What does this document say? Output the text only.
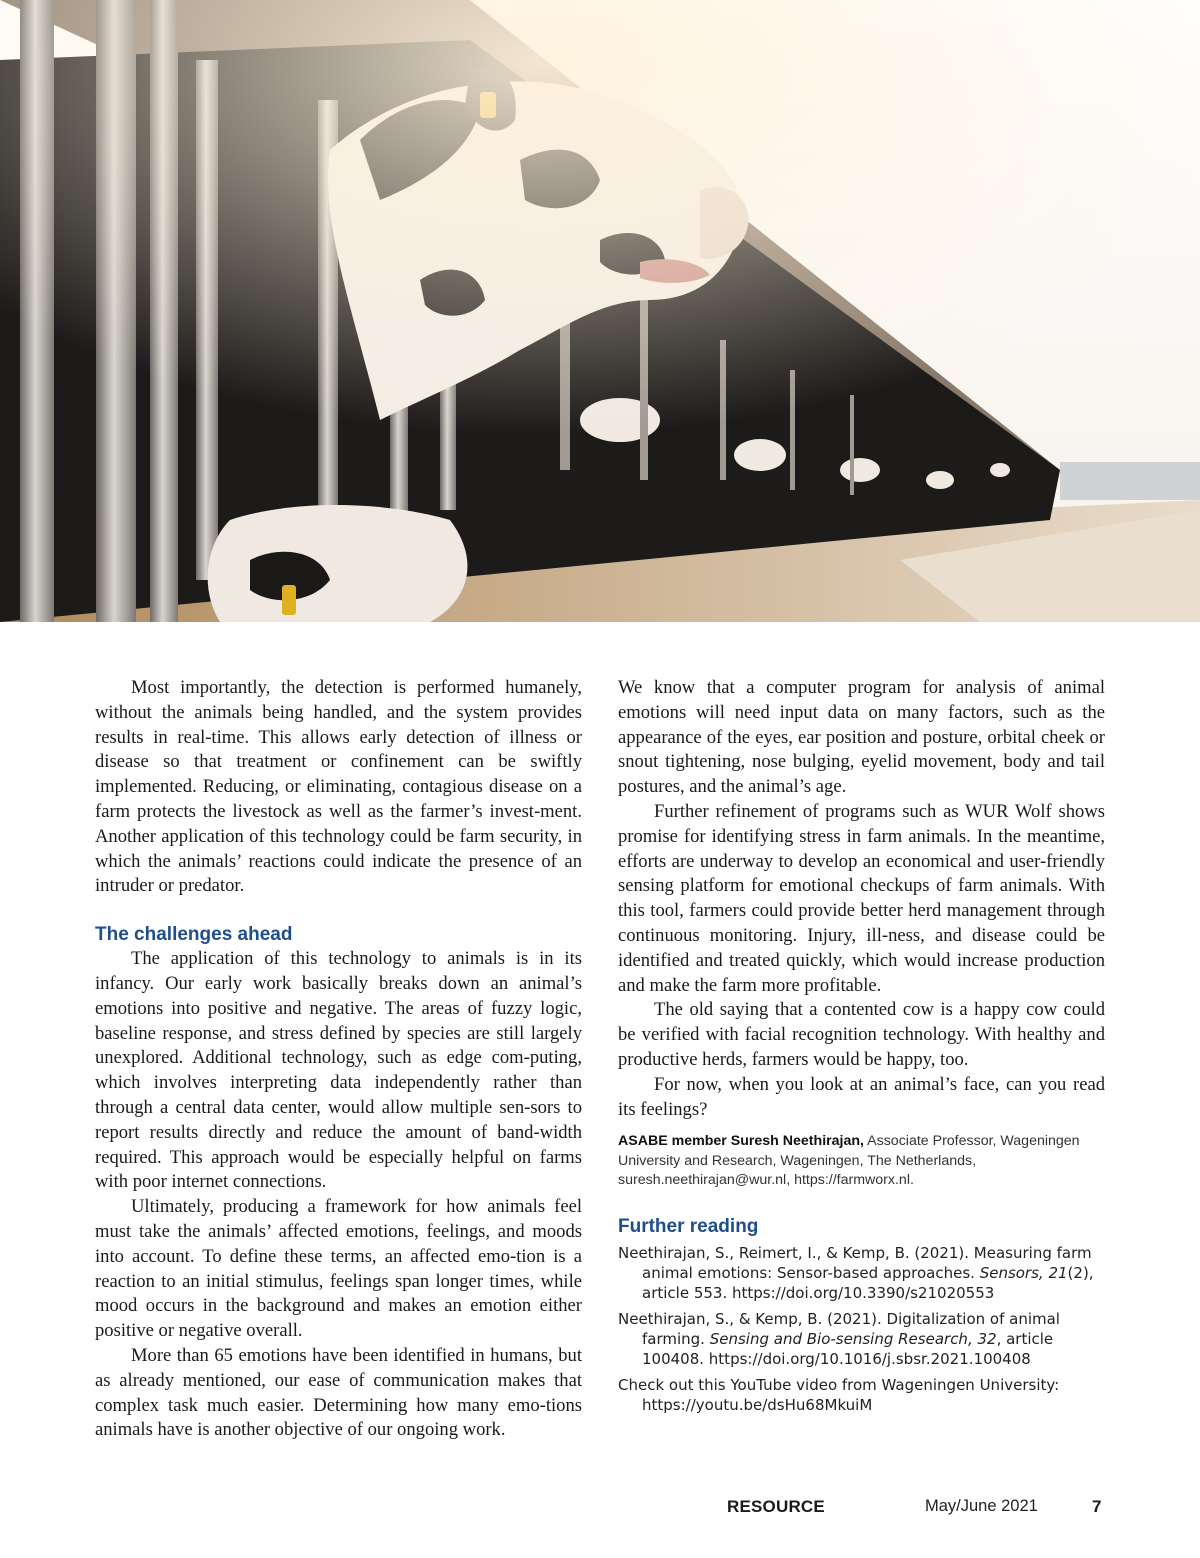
Most importantly, the detection is performed humanely, without the animals being handled, and the system provides results in real-time. This allows early detection of illness or disease so that treatment or confinement can be swiftly implemented. Reducing, or eliminating, contagious disease on a farm protects the livestock as well as the farmer’s invest-ment. Another application of this technology could be farm security, in which the animals’ reactions could indicate the presence of an intruder or predator.

The challenges ahead

The application of this technology to animals is in its infancy. Our early work basically breaks down an animal’s emotions into positive and negative. The areas of fuzzy logic, baseline response, and stress defined by species are still largely unexplored. Additional technology, such as edge com-puting, which involves interpreting data independently rather than through a central data center, would allow multiple sen-sors to report results directly and reduce the amount of band-width required. This approach would be especially helpful on farms with poor internet connections.

Ultimately, producing a framework for how animals feel must take the animals’ affected emotions, feelings, and moods into account. To define these terms, an affected emo-tion is a reaction to an initial stimulus, feelings span longer times, while mood occurs in the background and makes an emotion either positive or negative overall.

More than 65 emotions have been identified in humans, but as already mentioned, our ease of communication makes that complex task much easier. Determining how many emo-tions animals have is another objective of our ongoing work.

We know that a computer program for analysis of animal emotions will need input data on many factors, such as the appearance of the eyes, ear position and posture, orbital cheek or snout tightening, nose bulging, eyelid movement, body and tail postures, and the animal’s age.

Further refinement of programs such as WUR Wolf shows promise for identifying stress in farm animals. In the meantime, efforts are underway to develop an economical and user-friendly sensing platform for emotional checkups of farm animals. With this tool, farmers could provide better herd management through continuous monitoring. Injury, ill-ness, and disease could be identified and treated quickly, which would increase production and make the farm more profitable.

The old saying that a contented cow is a happy cow could be verified with facial recognition technology. With healthy and productive herds, farmers would be happy, too.

For now, when you look at an animal’s face, can you read its feelings?

ASABE member Suresh Neethirajan, Associate Professor, Wageningen University and Research, Wageningen, The Netherlands, suresh.neethirajan@wur.nl, https://farmworx.nl.

Further reading

Neethirajan, S., Reimert, I., & Kemp, B. (2021). Measuring farm animal emotions: Sensor-based approaches. Sensors, 21(2), article 553. https://doi.org/10.3390/s21020553

Neethirajan, S., & Kemp, B. (2021). Digitalization of animal farming. Sensing and Bio-sensing Research, 32, article 100408. https://doi.org/10.1016/j.sbsr.2021.100408

Check out this YouTube video from Wageningen University: https://youtu.be/dsHu68MkuiM

RESOURCE	May/June 2021	7
